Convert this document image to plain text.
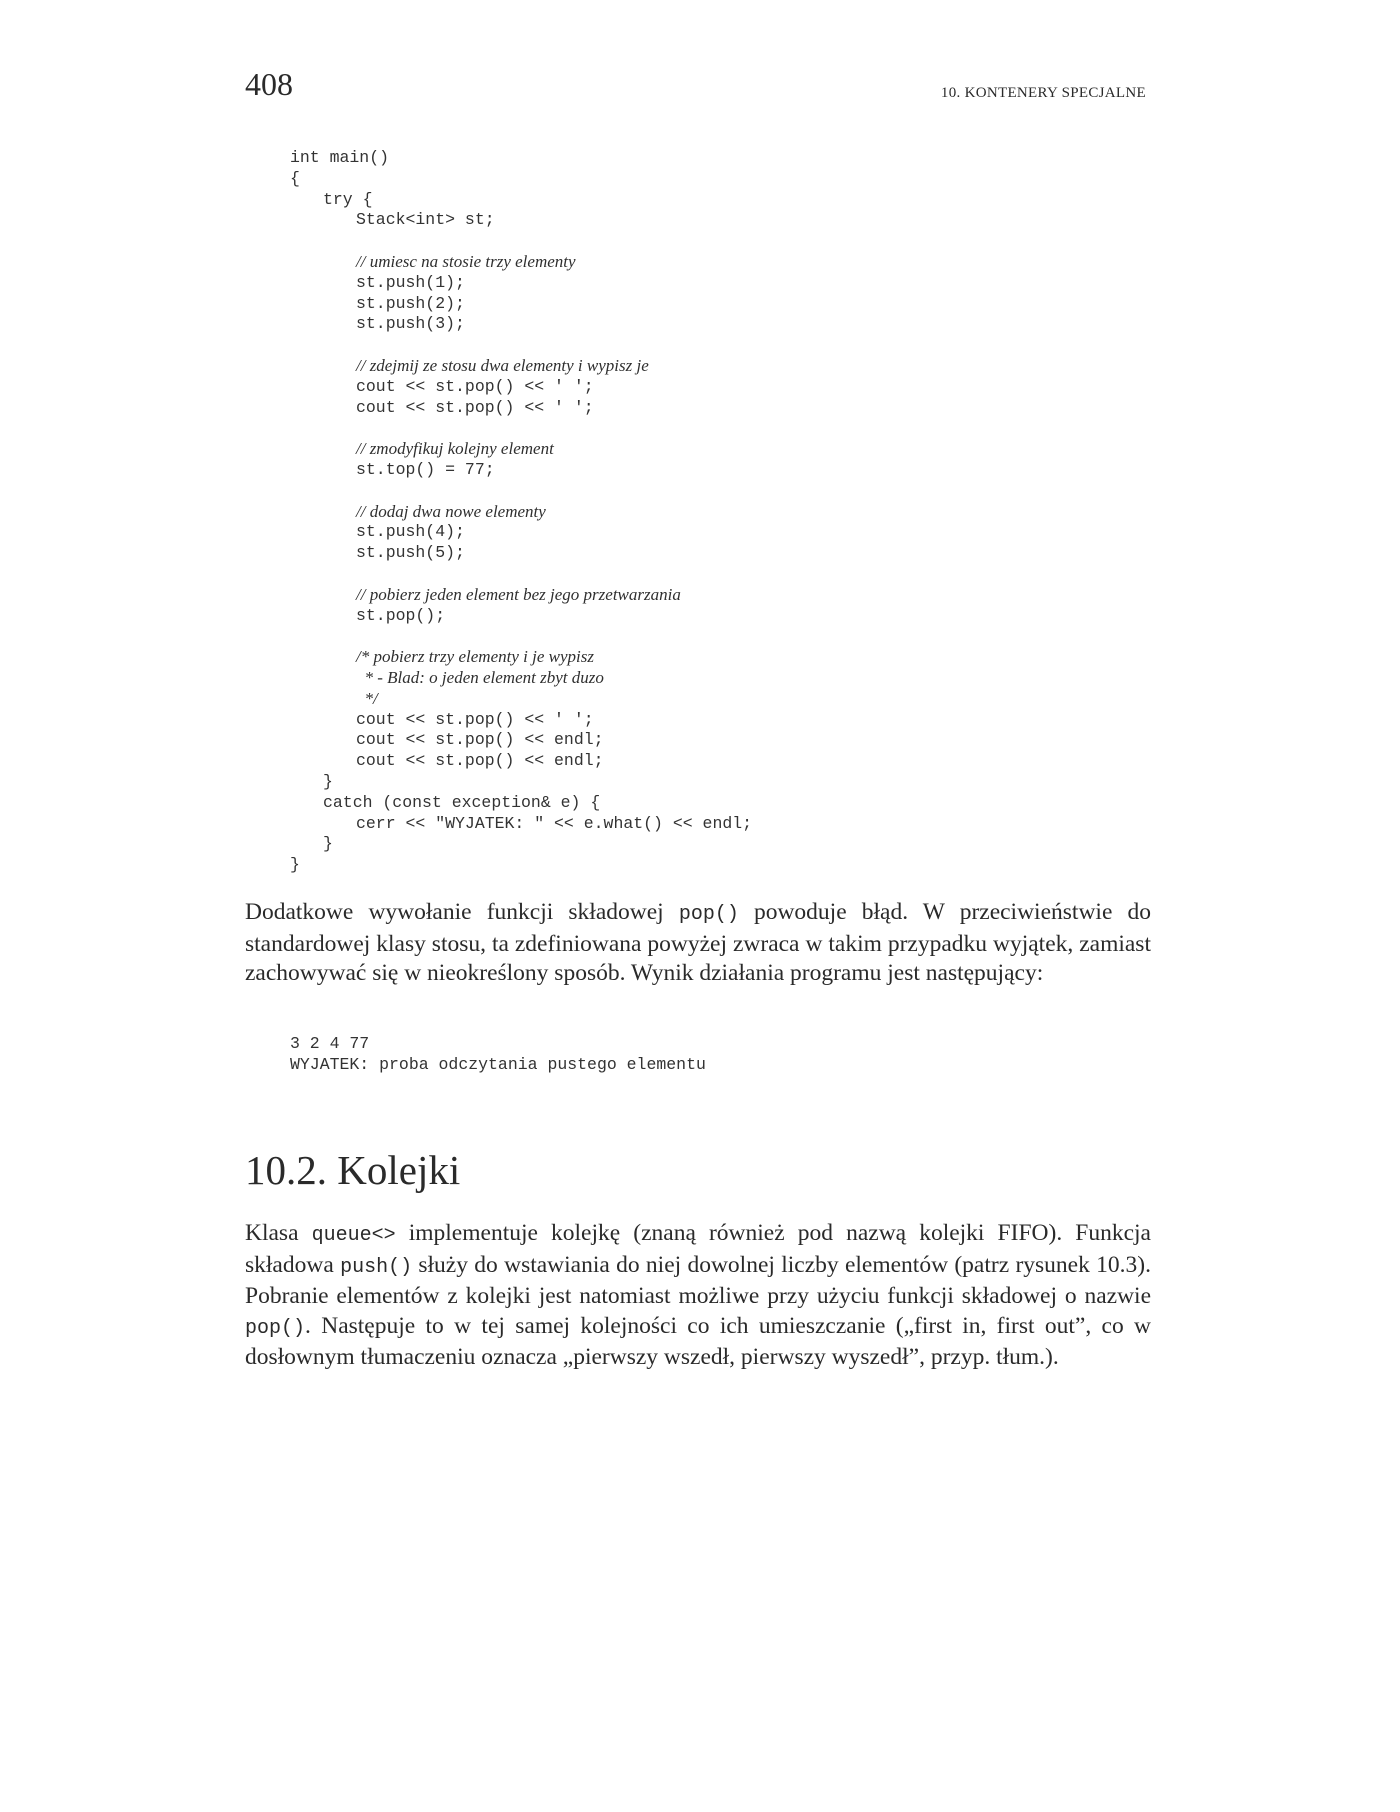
408	10. KONTENERY SPECJALNE
int main()
{
try {
Stack<int> st;
// umiesc na stosie trzy elementy
st.push(1);
st.push(2);
st.push(3);
// zdejmij ze stosu dwa elementy i wypisz je
cout << st.pop() << ' ';
cout << st.pop() << ' ';
// zmodyfikuj kolejny element
st.top() = 77;
// dodaj dwa nowe elementy
st.push(4);
st.push(5);
// pobierz jeden element bez jego przetwarzania
st.pop();
/* pobierz trzy elementy i je wypisz
* - Blad: o jeden element zbyt duzo
*/
cout << st.pop() << ' ';
cout << st.pop() << endl;
cout << st.pop() << endl;
}
catch (const exception& e) {
cerr << "WYJATEK: " << e.what() << endl;
}
}

Dodatkowe wywołanie funkcji składowej pop() powoduje błąd. W przeciwieństwie do standardowej klasy stosu, ta zdefiniowana powyżej zwraca w takim przypadku wyjątek, zamiast zachowywać się w nieokreślony sposób. Wynik działania programu jest następujący:

3 2 4 77
WYJATEK: proba odczytania pustego elementu
10.2. Kolejki

Klasa queue<> implementuje kolejkę (znaną również pod nazwą kolejki FIFO). Funkcja składowa push() służy do wstawiania do niej dowolnej liczby elementów (patrz rysunek 10.3). Pobranie elementów z kolejki jest natomiast możliwe przy użyciu funkcji składowej o nazwie pop(). Następuje to w tej samej kolejności co ich umieszczanie („first in, first out”, co w dosłownym tłumaczeniu oznacza „pierwszy wszedł, pierwszy wyszedł”, przyp. tłum.).
